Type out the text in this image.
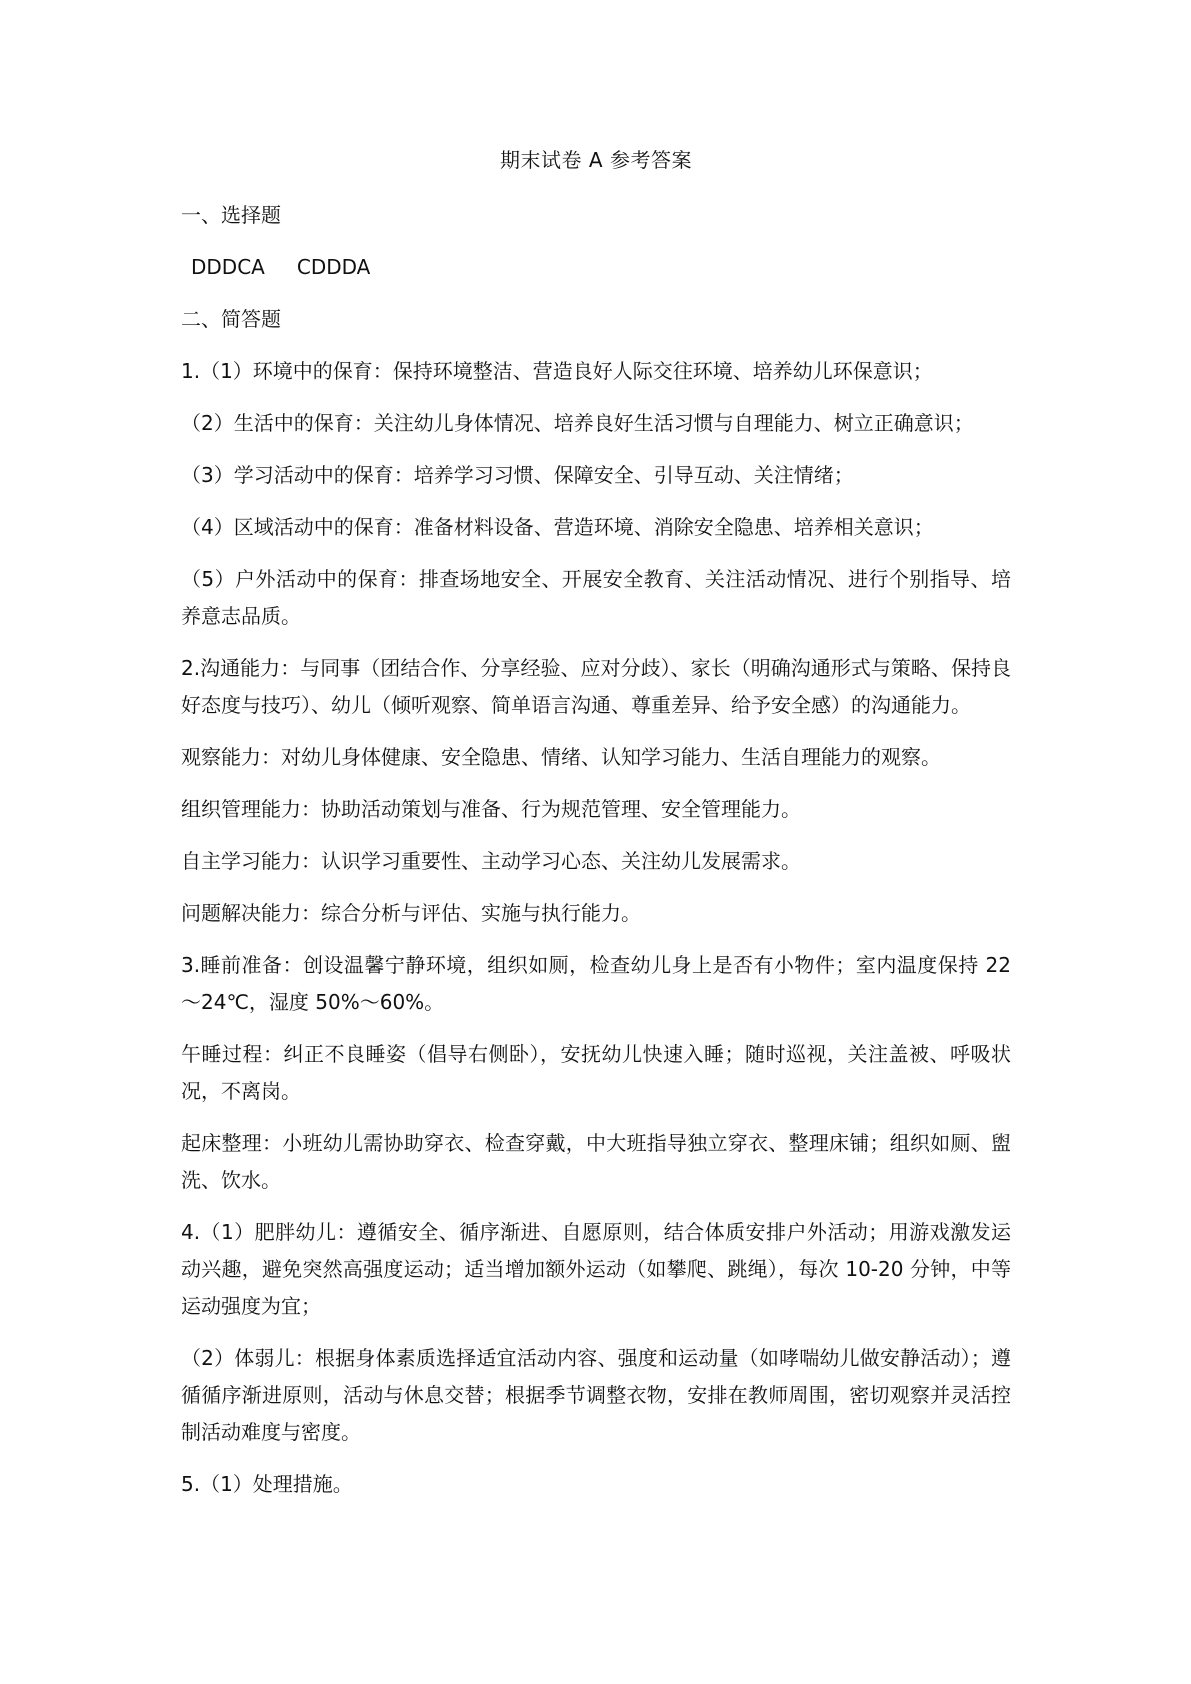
期末试卷 A 参考答案
一、选择题
DDDCA CDDDA
二、简答题
1.（1）环境中的保育：保持环境整洁、营造良好人际交往环境、培养幼儿环保意识；
（2）生活中的保育：关注幼儿身体情况、培养良好生活习惯与自理能力、树立正确意识；
（3）学习活动中的保育：培养学习习惯、保障安全、引导互动、关注情绪；
（4）区域活动中的保育：准备材料设备、营造环境、消除安全隐患、培养相关意识；
（5）户外活动中的保育：排查场地安全、开展安全教育、关注活动情况、进行个别指导、培养意志品质。
2.沟通能力：与同事（团结合作、分享经验、应对分歧）、家长（明确沟通形式与策略、保持良好态度与技巧）、幼儿（倾听观察、简单语言沟通、尊重差异、给予安全感）的沟通能力。
观察能力：对幼儿身体健康、安全隐患、情绪、认知学习能力、生活自理能力的观察。
组织管理能力：协助活动策划与准备、行为规范管理、安全管理能力。
自主学习能力：认识学习重要性、主动学习心态、关注幼儿发展需求。
问题解决能力：综合分析与评估、实施与执行能力。
3.睡前准备：创设温馨宁静环境，组织如厕，检查幼儿身上是否有小物件；室内温度保持 22～24℃，湿度 50%～60%。
午睡过程：纠正不良睡姿（倡导右侧卧），安抚幼儿快速入睡；随时巡视，关注盖被、呼吸状况，不离岗。
起床整理：小班幼儿需协助穿衣、检查穿戴，中大班指导独立穿衣、整理床铺；组织如厕、盥洗、饮水。
4.（1）肥胖幼儿：遵循安全、循序渐进、自愿原则，结合体质安排户外活动；用游戏激发运动兴趣，避免突然高强度运动；适当增加额外运动（如攀爬、跳绳），每次 10-20 分钟，中等运动强度为宜；
（2）体弱儿：根据身体素质选择适宜活动内容、强度和运动量（如哮喘幼儿做安静活动）；遵循循序渐进原则，活动与休息交替；根据季节调整衣物，安排在教师周围，密切观察并灵活控制活动难度与密度。
5.（1）处理措施。
